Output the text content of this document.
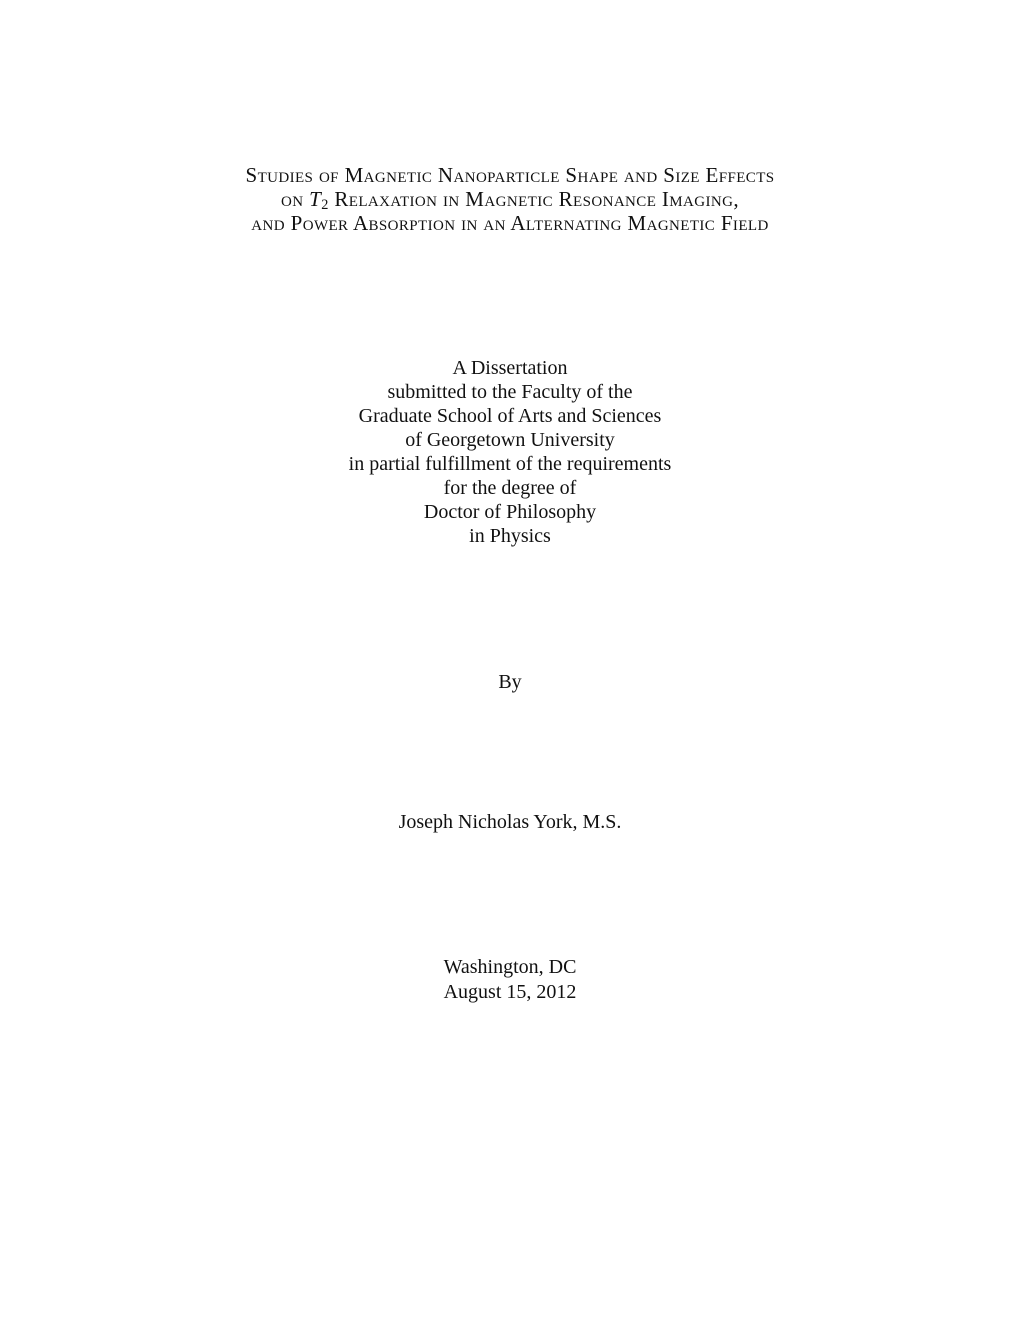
Studies of Magnetic Nanoparticle Shape and Size Effects
on $T_2$ Relaxation in Magnetic Resonance Imaging,
and Power Absorption in an Alternating Magnetic Field
A Dissertation
submitted to the Faculty of the
Graduate School of Arts and Sciences
of Georgetown University
in partial fulfillment of the requirements
for the degree of
Doctor of Philosophy
in Physics
By
Joseph Nicholas York, M.S.
Washington, DC
August 15, 2012
